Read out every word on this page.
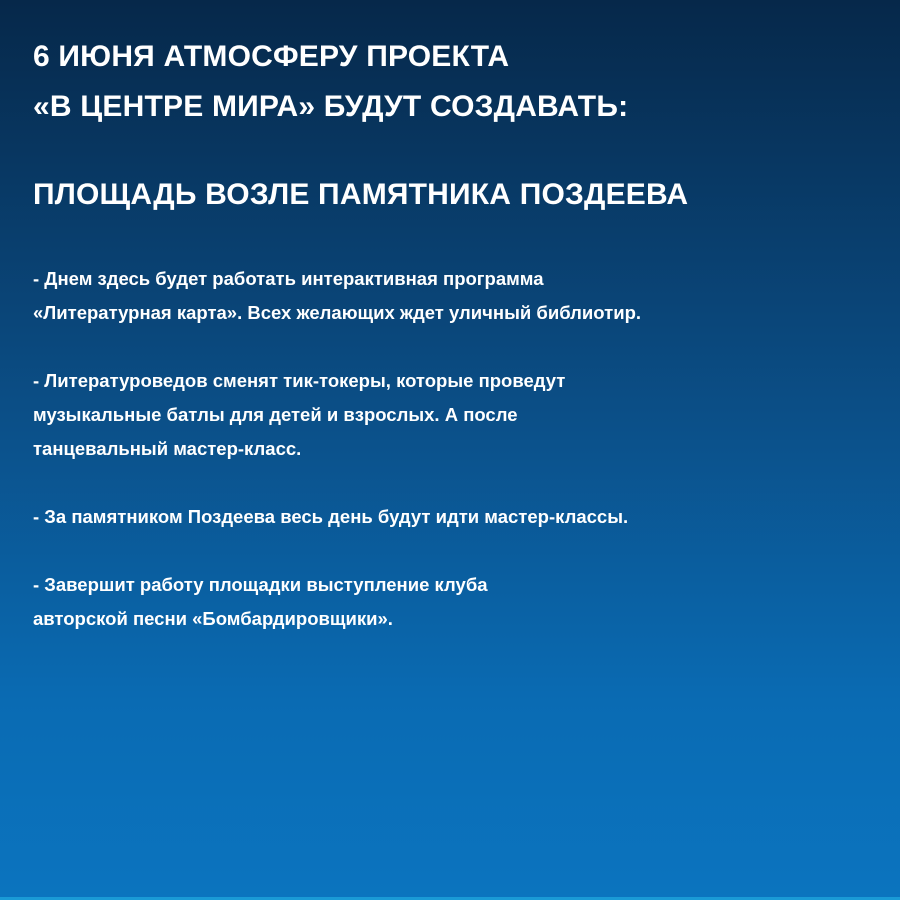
6 ИЮНЯ АТМОСФЕРУ ПРОЕКТА
«В ЦЕНТРЕ МИРА» БУДУТ СОЗДАВАТЬ:
ПЛОЩАДЬ ВОЗЛЕ ПАМЯТНИКА ПОЗДЕЕВА

- Днем здесь будет работать интерактивная программа
«Литературная карта». Всех желающих ждет уличный библиотир.

- Литературоведов сменят тик-токеры, которые проведут
музыкальные батлы для детей и взрослых. А после
танцевальный мастер-класс.

- За памятником Поздеева весь день будут идти мастер-классы.

- Завершит работу площадки выступление клуба
авторской песни «Бомбардировщики».
